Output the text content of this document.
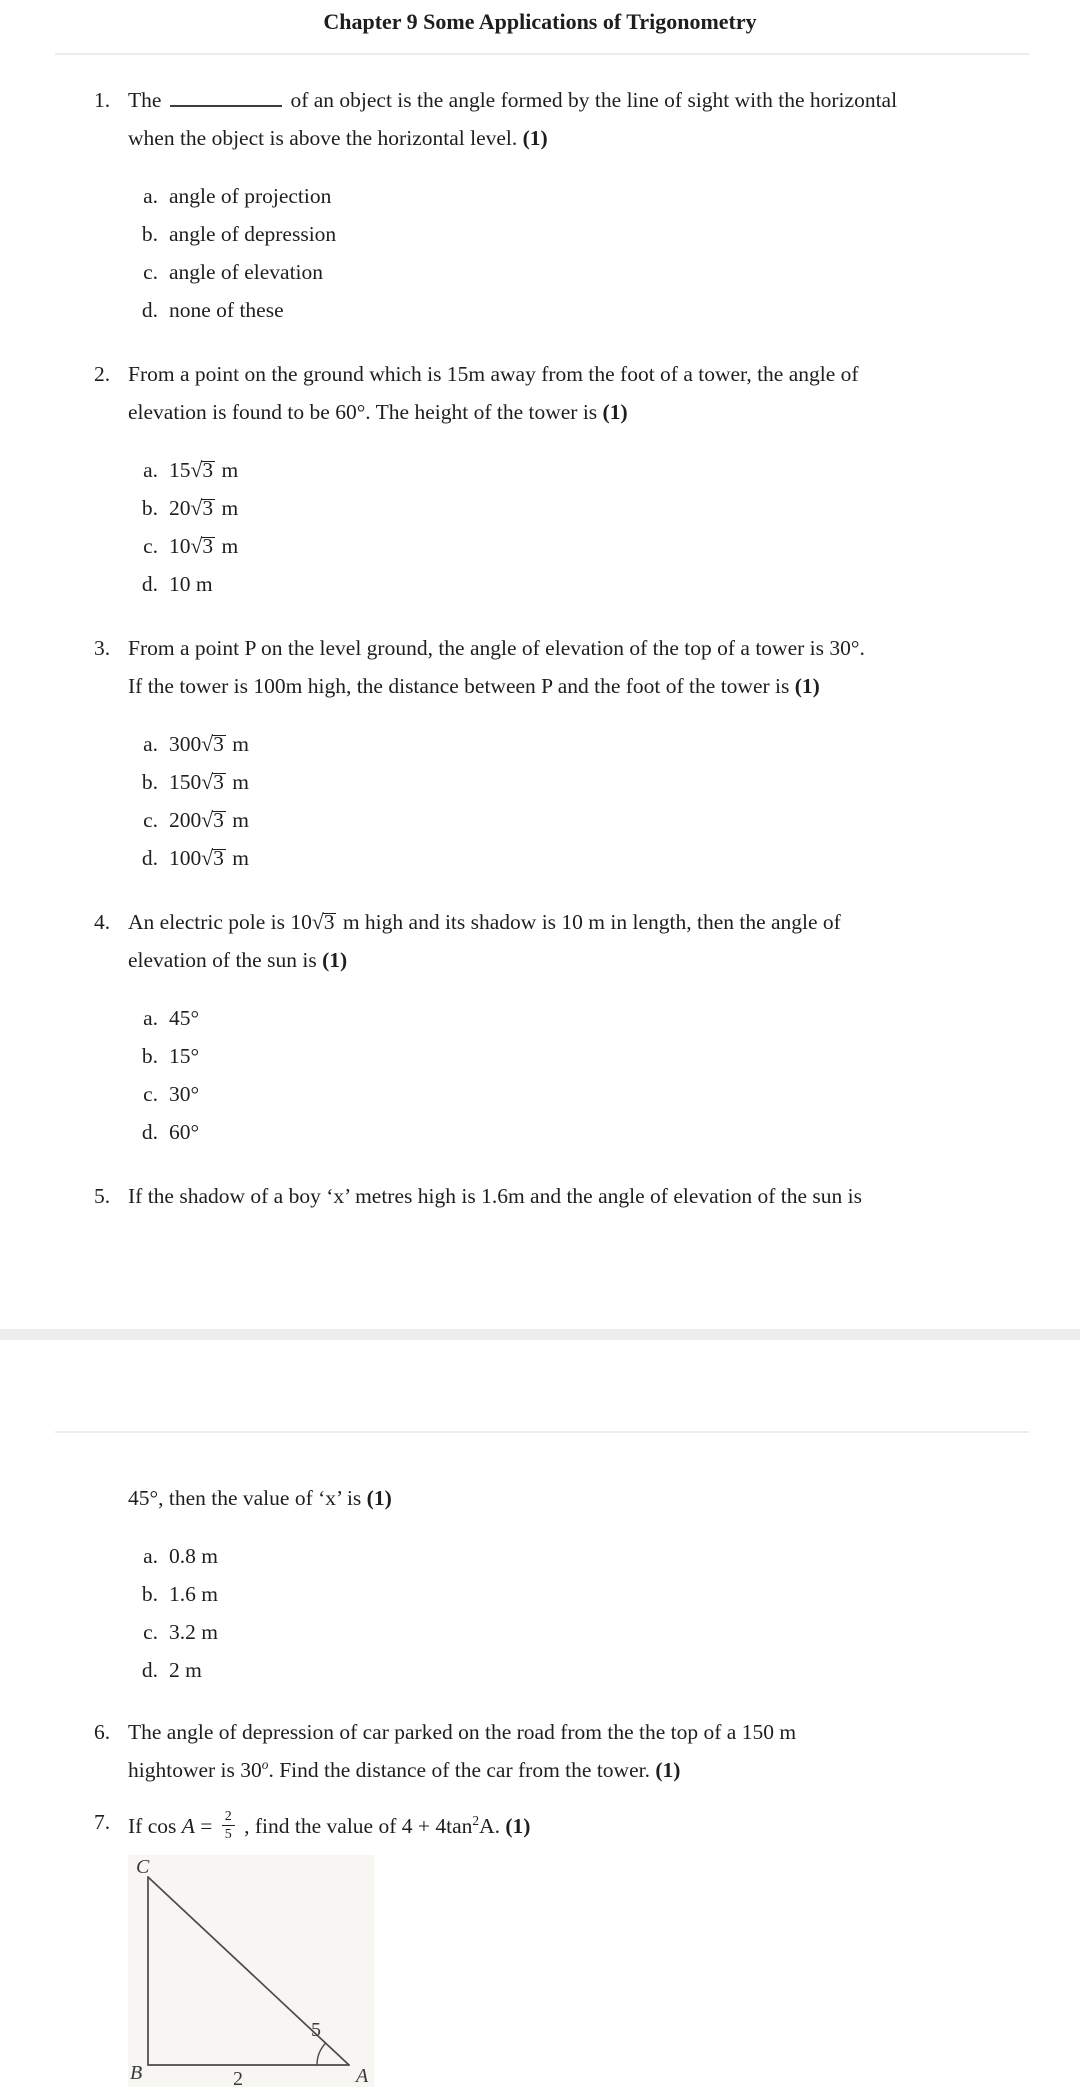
Chapter 9 Some Applications of Trigonometry
1. The	of an object is the angle formed by the line of sight with the horizontal
when the object is above the horizontal level. (1)
a. angle of projection
b. angle of depression
c. angle of elevation
d. none of these
2. From a point on the ground which is 15m away from the foot of a tower, the angle of
elevation is found to be 60°. The height of the tower is (1)
a. 15√3 m
b. 20√3 m
c. 10√3 m
d. 10 m
3. From a point P on the level ground, the angle of elevation of the top of a tower is 30°.
If the tower is 100m high, the distance between P and the foot of the tower is (1)
a. 300√3 m
b. 150√3 m
c. 200√3 m
d. 100√3 m
4. An electric pole is 10√3 m high and its shadow is 10 m in length, then the angle of
elevation of the sun is (1)
a. 45°
b. 15°
c. 30°
d. 60°
5. If the shadow of a boy ‘x’ metres high is 1.6m and the angle of elevation of the sun is
45°, then the value of ‘x’ is (1)
a. 0.8 m
b. 1.6 m
c. 3.2 m
d. 2 m
6. The angle of depression of car parked on the road from the the top of a 150 m
hightower is 30$^o$. Find the distance of the car from the tower. (1)
7. If $\cos A = \frac{2}{5}$ , find the value of $4 + 4\tan^2A$. (1)
C
B	A
5
2
